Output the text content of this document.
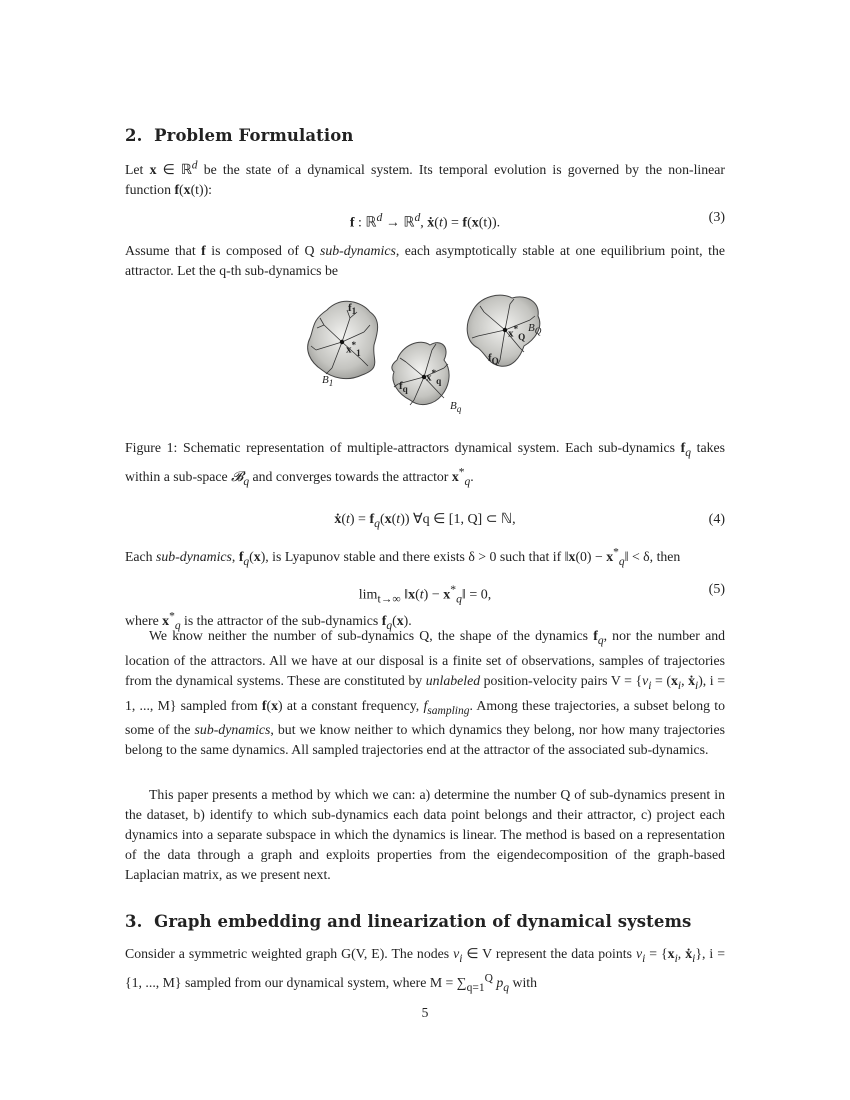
2. Problem Formulation
Let x ∈ ℝ$^d$ be the state of a dynamical system. Its temporal evolution is governed by the non-linear function f(x(t)):
f : ℝ$^d$ → ℝ$^d$, ẋ(t) = f(x(t)).	(3)
Assume that f is composed of Q sub-dynamics, each asymptotically stable at one equilibrium point, the attractor. Let the q-th sub-dynamics be
$f_1$
$x^*_1$
$B_1$	$f_q$
$x^*_q$
$B_q$
$f_Q$
$x^*_Q$
$B_Q$
Figure 1: Schematic representation of multiple-attractors dynamical system. Each sub-dynamics $f_q$ takes within a sub-space 𝓑$_q$ and converges towards the attractor $x^*_q$.
ẋ(t) = $f_q(x(t))$ ∀q ∈ [1, Q] ⊂ ℕ,	(4)
Each sub-dynamics, $f_q(x)$, is Lyapunov stable and there exists δ > 0 such that if ‖x(0) − $x^*_q‖ < \delta$, then
$\lim_{t\to\infty}$ ‖x(t) − $x^*_q‖ = 0$,	(5)
where $x^*_q$ is the attractor of the sub-dynamics $f_q(x)$.
We know neither the number of sub-dynamics Q, the shape of the dynamics $f_q$, nor the number and location of the attractors. All we have at our disposal is a finite set of observations, samples of trajectories from the dynamical systems. These are constituted by unlabeled position-velocity pairs $V = \{\nu_i = (x_i$, ẋ$_i$), i = 1, ..., M} sampled from f(x) at a constant frequency, $f_{sampling}$. Among these trajectories, a subset belong to some of the sub-dynamics, but we know neither to which dynamics they belong, nor how many trajectories belong to the same dynamics. All sampled trajectories end at the attractor of the associated sub-dynamics.
This paper presents a method by which we can: a) determine the number Q of sub-dynamics present in the dataset, b) identify to which sub-dynamics each data point belongs and their attractor, c) project each dynamics into a separate subspace in which the dynamics is linear. The method is based on a representation of the data through a graph and exploits properties from the eigendecomposition of the graph-based Laplacian matrix, as we present next.
3. Graph embedding and linearization of dynamical systems
Consider a symmetric weighted graph G(V, E). The nodes $\nu_i$ ∈ V represent the data points $\nu_i = \{x_i$, ẋ$_i$}, i = {1, ..., M} sampled from our dynamical system, where $M = \sum_{q=1}^Q$ $p_q$ with
5
